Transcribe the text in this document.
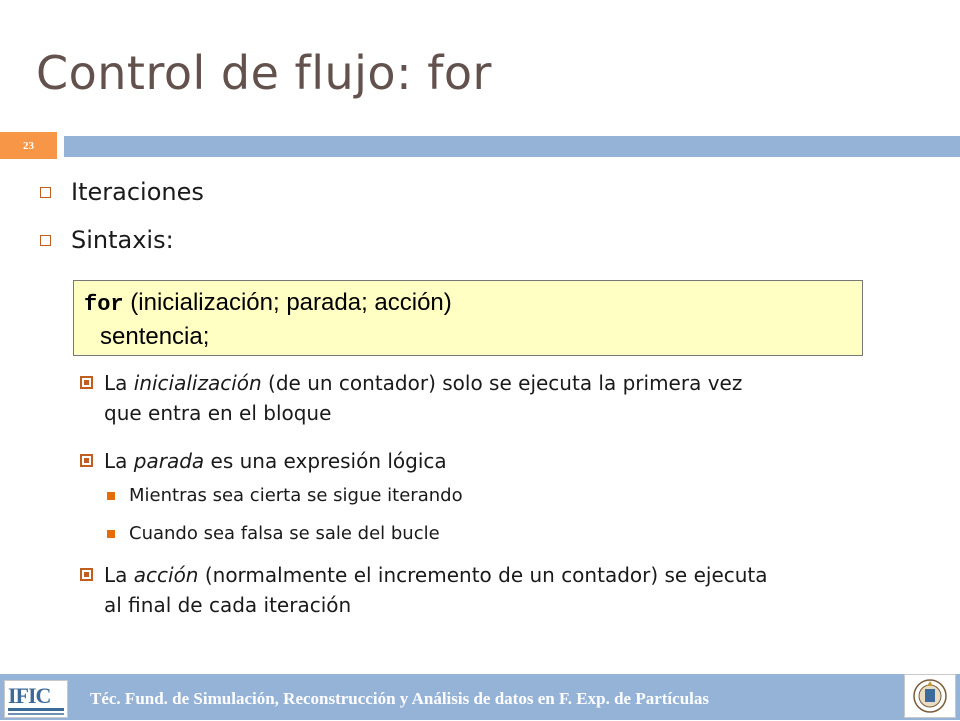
Control de flujo: for
23
Iteraciones
Sintaxis:
for (inicialización; parada; acción)
sentencia;
La inicialización (de un contador) solo se ejecuta la primera vez
que entra en el bloque
La parada es una expresión lógica
Mientras sea cierta se sigue iterando
Cuando sea falsa se sale del bucle
La acción (normalmente el incremento de un contador) se ejecuta
al final de cada iteración
IFIC Téc. Fund. de Simulación, Reconstrucción y Análisis de datos en F. Exp. de Partículas
